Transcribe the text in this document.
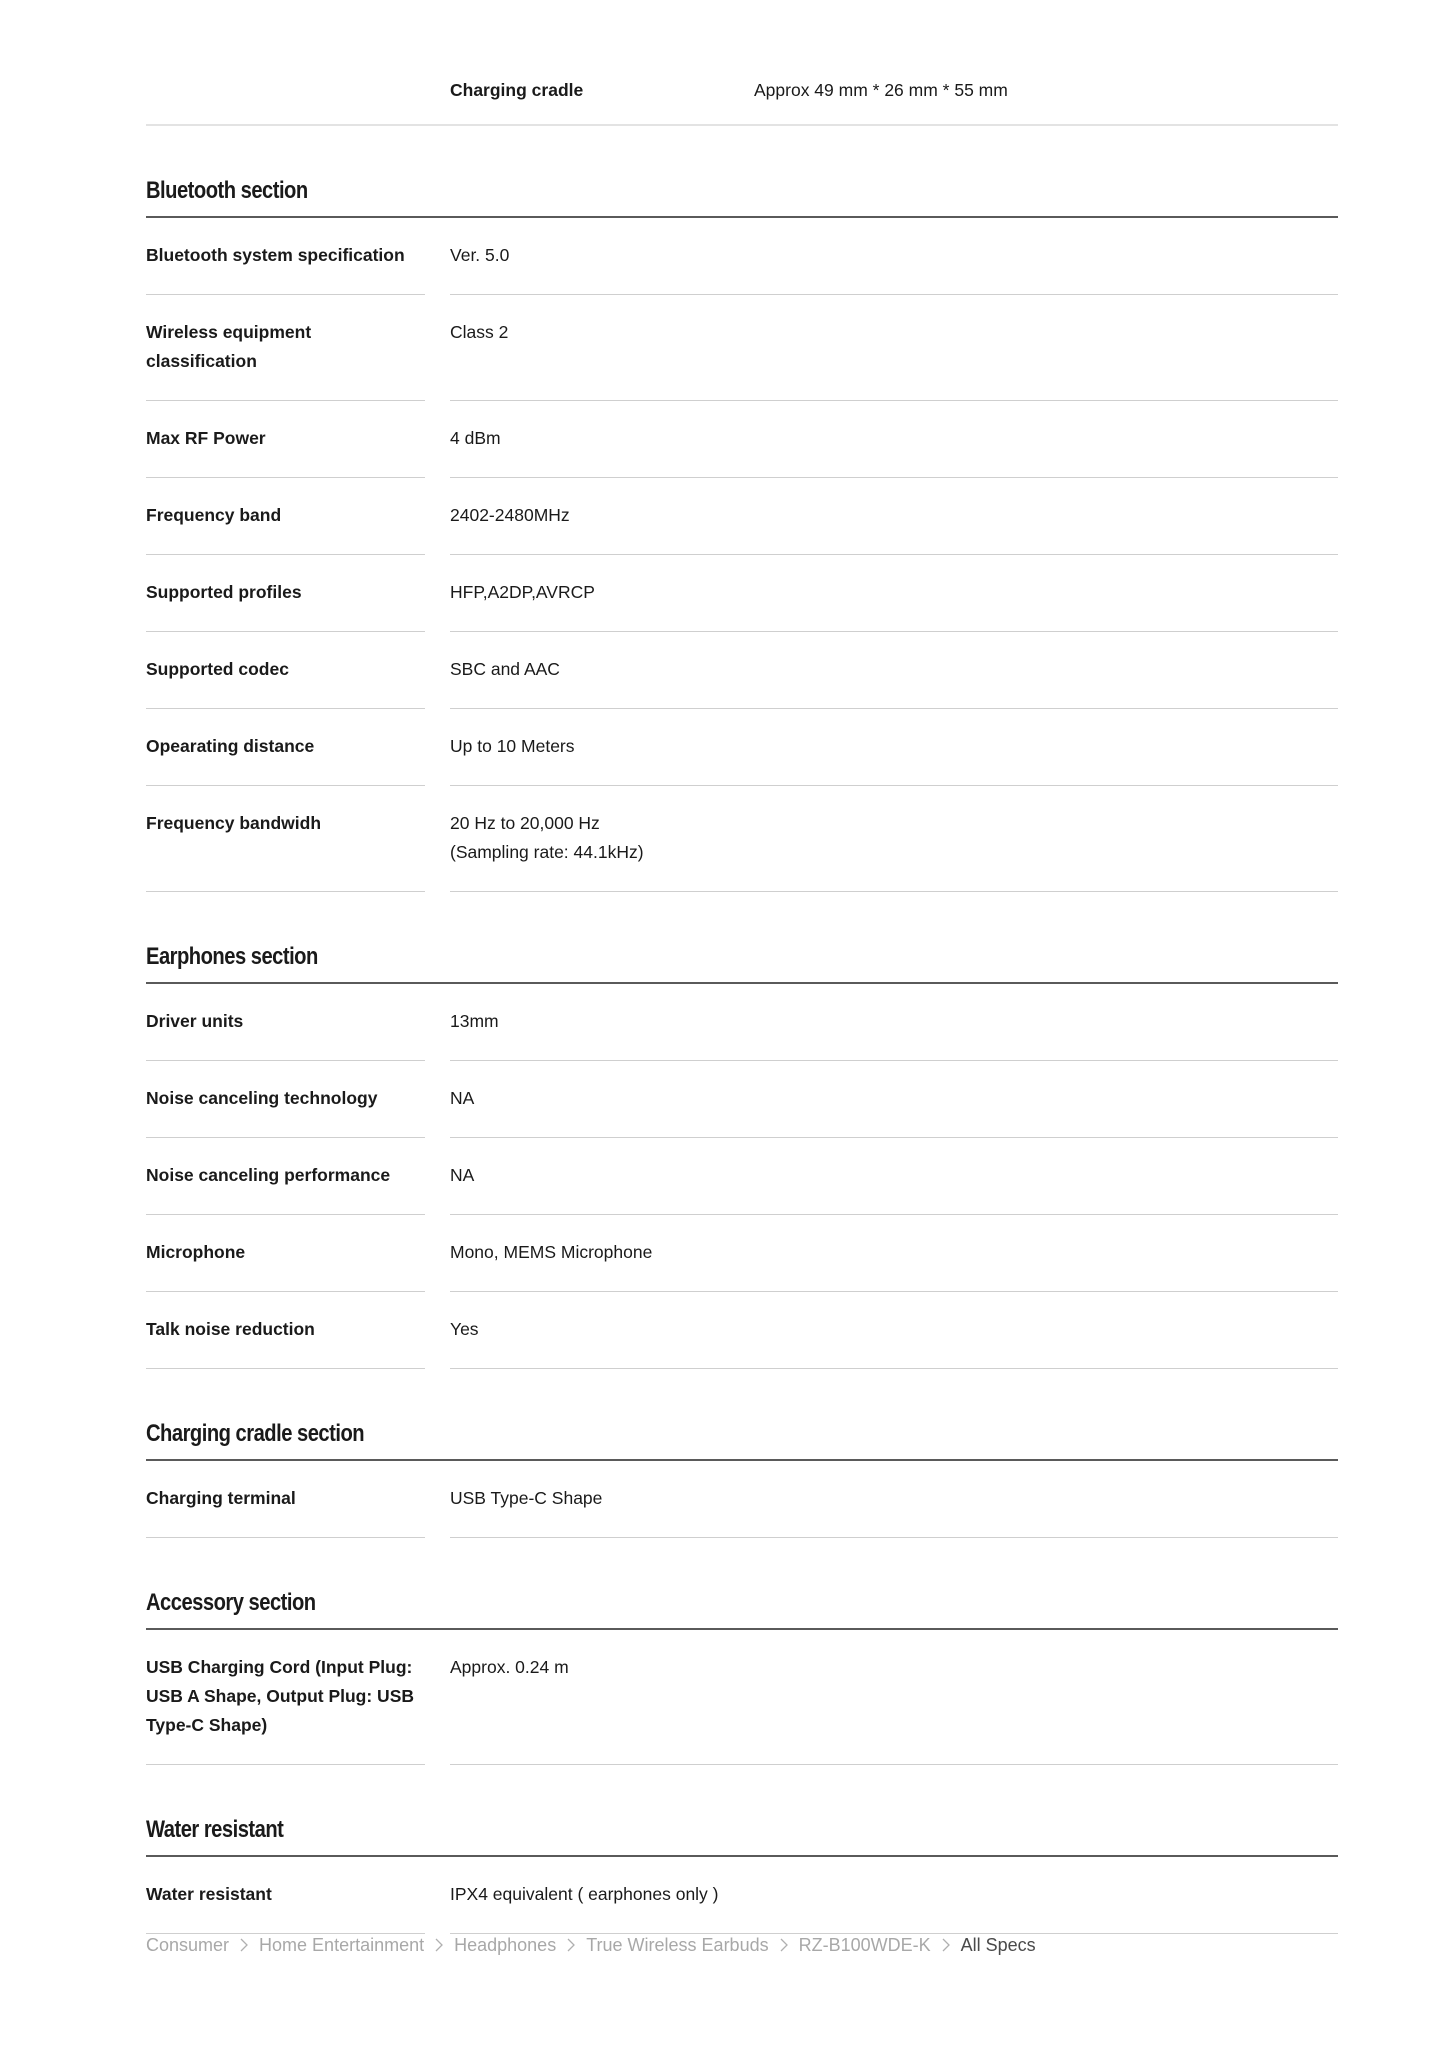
Charging cradle	Approx 49 mm * 26 mm * 55 mm
Bluetooth section
Bluetooth system specification		Ver. 5.0
Wireless equipment classification		Class 2
Max RF Power		4 dBm
Frequency band		2402-2480MHz
Supported profiles		HFP,A2DP,AVRCP
Supported codec		SBC and AAC
Opearating distance		Up to 10 Meters
Frequency bandwidh		20 Hz to 20,000 Hz
(Sampling rate: 44.1kHz)
Earphones section
Driver units		13mm
Noise canceling technology		NA
Noise canceling performance		NA
Microphone		Mono, MEMS Microphone
Talk noise reduction		Yes
Charging cradle section
Charging terminal		USB Type-C Shape
Accessory section
USB Charging Cord (Input Plug: USB A Shape, Output Plug: USB Type-C Shape)		Approx. 0.24 m
Water resistant
Water resistant		IPX4 equivalent ( earphones only )
Consumer Home Entertainment Headphones True Wireless Earbuds RZ-B100WDE-K All Specs
